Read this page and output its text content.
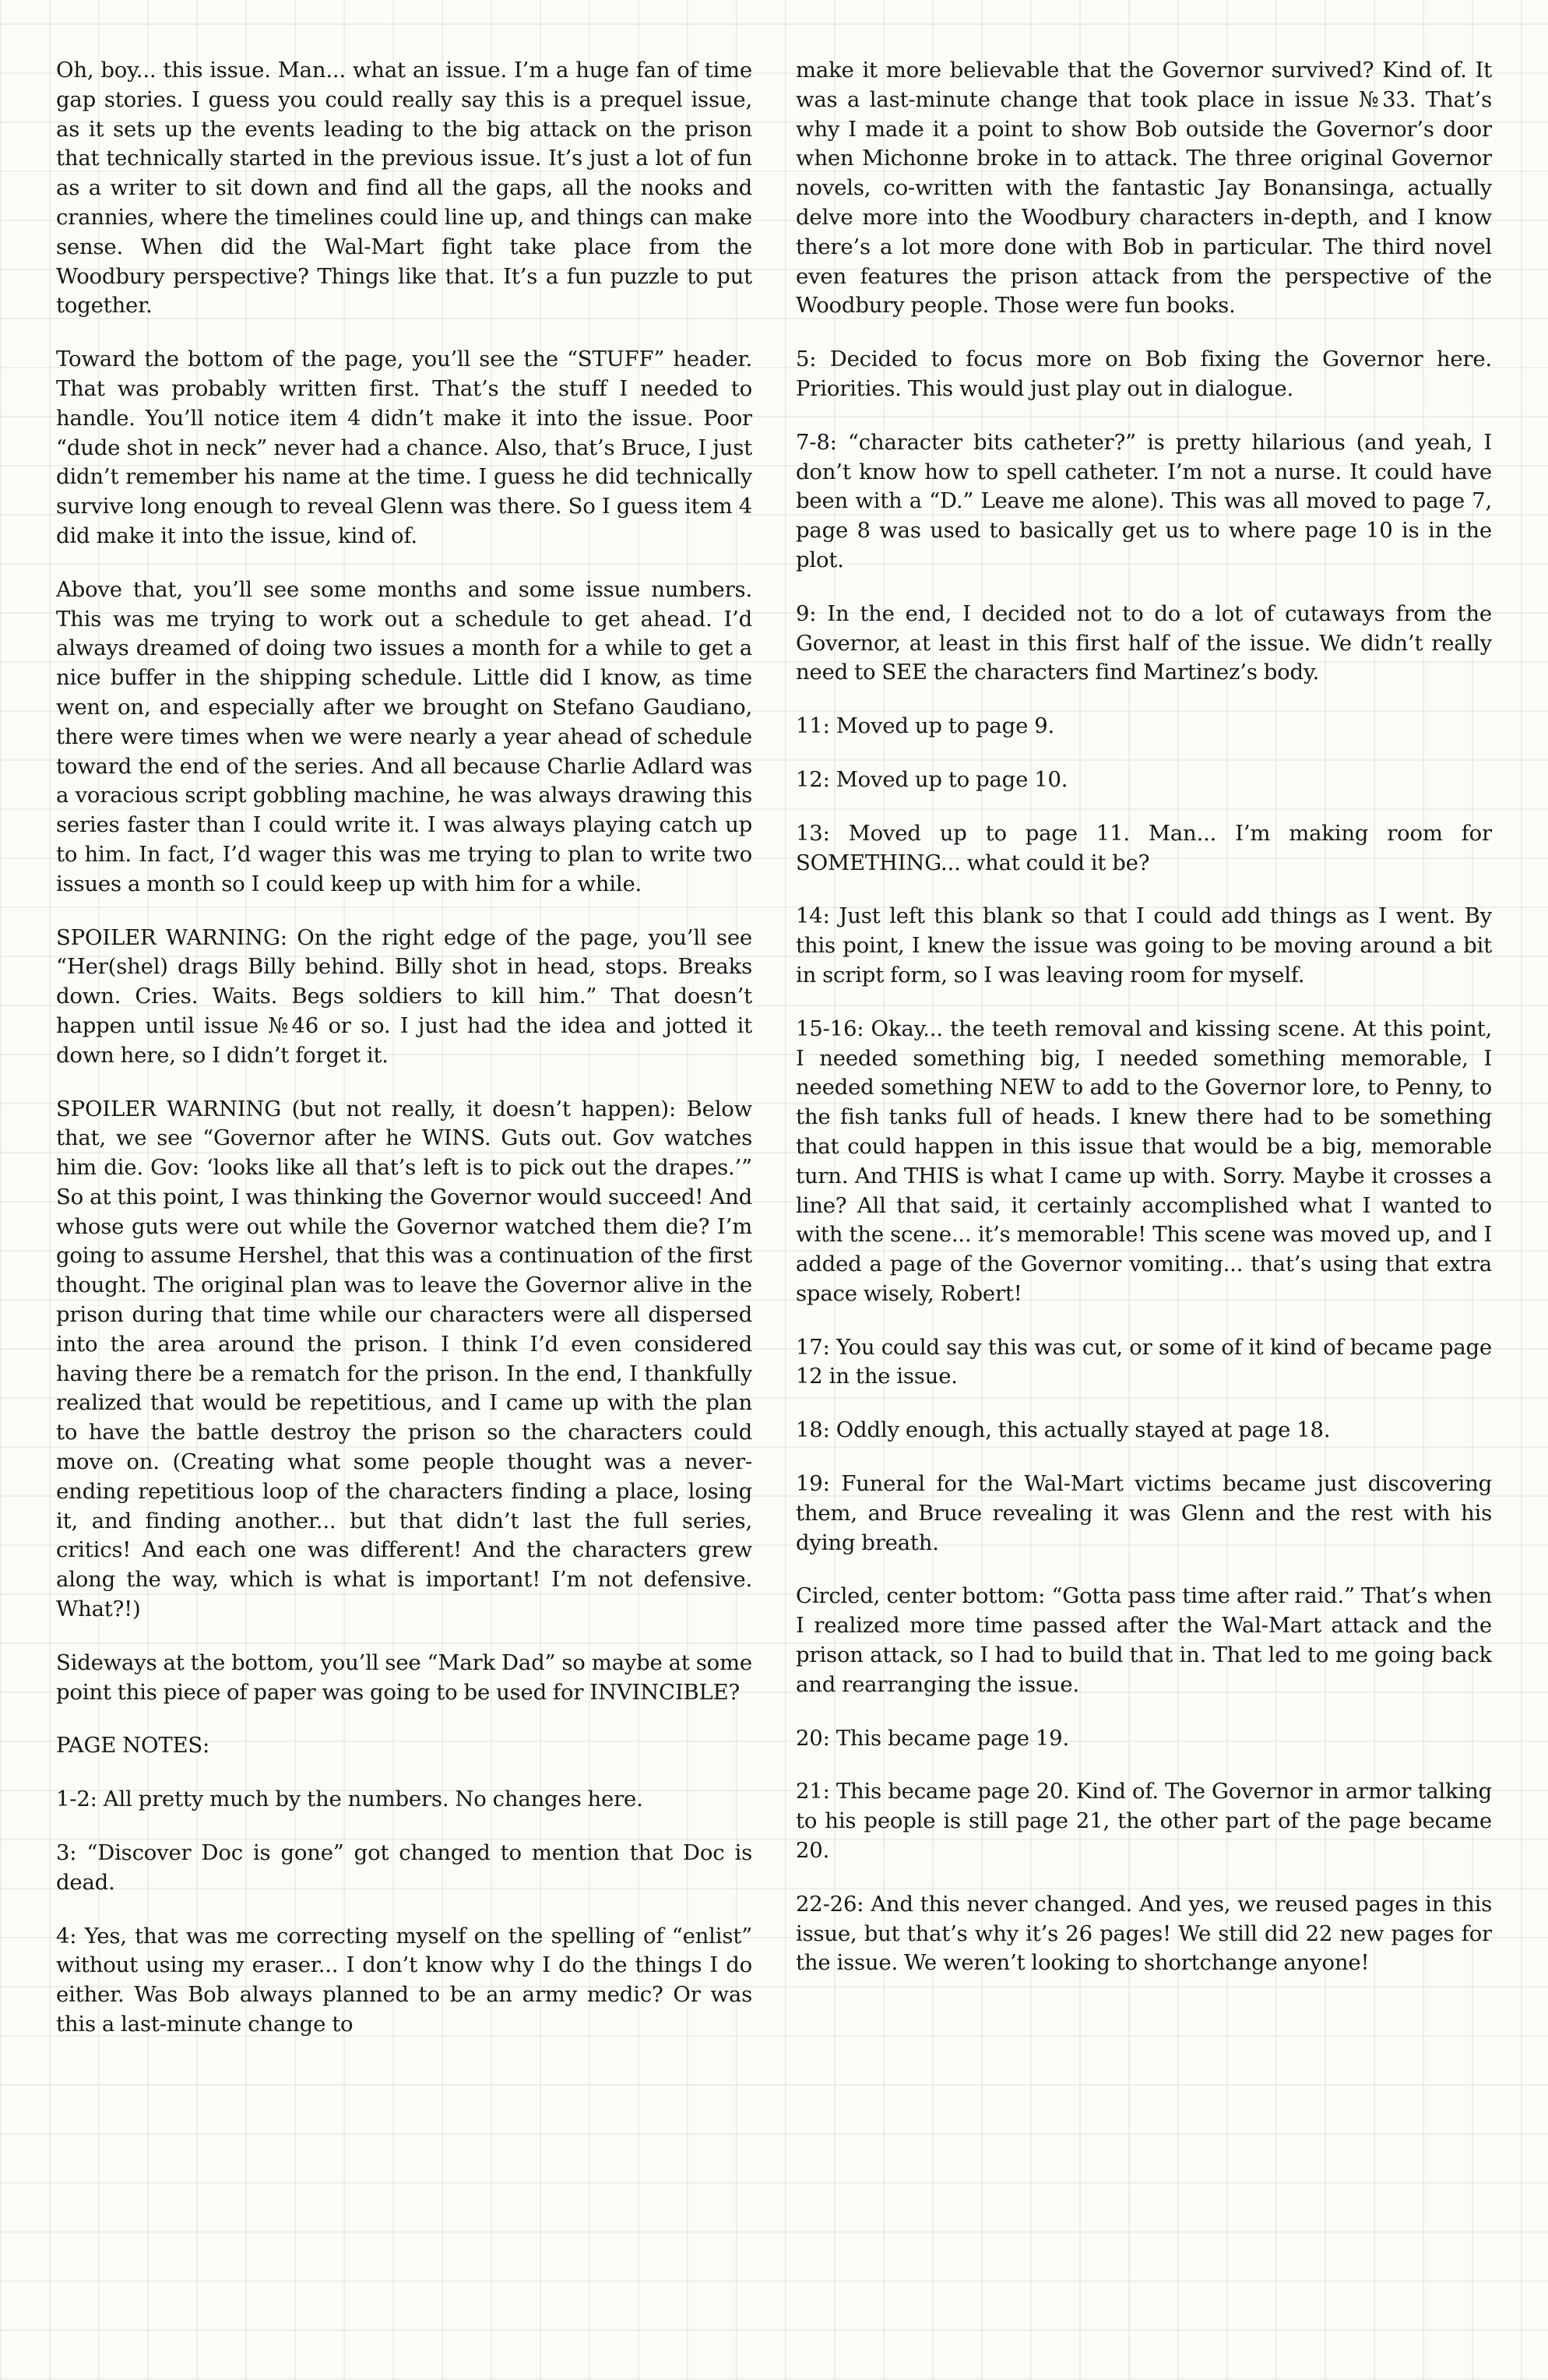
Oh, boy... this issue. Man... what an issue. I’m a huge fan of time gap stories. I guess you could really say this is a prequel issue, as it sets up the events leading to the big attack on the prison that technically started in the previous issue. It’s just a lot of fun as a writer to sit down and find all the gaps, all the nooks and crannies, where the timelines could line up, and things can make sense. When did the Wal-Mart fight take place from the Woodbury perspective? Things like that. It’s a fun puzzle to put together.

Toward the bottom of the page, you’ll see the “STUFF” header. That was probably written first. That’s the stuff I needed to handle. You’ll notice item 4 didn’t make it into the issue. Poor “dude shot in neck” never had a chance. Also, that’s Bruce, I just didn’t remember his name at the time. I guess he did technically survive long enough to reveal Glenn was there. So I guess item 4 did make it into the issue, kind of.

Above that, you’ll see some months and some issue numbers. This was me trying to work out a schedule to get ahead. I’d always dreamed of doing two issues a month for a while to get a nice buffer in the shipping schedule. Little did I know, as time went on, and especially after we brought on Stefano Gaudiano, there were times when we were nearly a year ahead of schedule toward the end of the series. And all because Charlie Adlard was a voracious script gobbling machine, he was always drawing this series faster than I could write it. I was always playing catch up to him. In fact, I’d wager this was me trying to plan to write two issues a month so I could keep up with him for a while.

SPOILER WARNING: On the right edge of the page, you’ll see “Her(shel) drags Billy behind. Billy shot in head, stops. Breaks down. Cries. Waits. Begs soldiers to kill him.” That doesn’t happen until issue №46 or so. I just had the idea and jotted it down here, so I didn’t forget it.

SPOILER WARNING (but not really, it doesn’t happen): Below that, we see “Governor after he WINS. Guts out. Gov watches him die. Gov: ‘looks like all that’s left is to pick out the drapes.’” So at this point, I was thinking the Governor would succeed! And whose guts were out while the Governor watched them die? I’m going to assume Hershel, that this was a continuation of the first thought. The original plan was to leave the Governor alive in the prison during that time while our characters were all dispersed into the area around the prison. I think I’d even considered having there be a rematch for the prison. In the end, I thankfully realized that would be repetitious, and I came up with the plan to have the battle destroy the prison so the characters could move on. (Creating what some people thought was a never-ending repetitious loop of the characters finding a place, losing it, and finding another... but that didn’t last the full series, critics! And each one was different! And the characters grew along the way, which is what is important! I’m not defensive. What?!)

Sideways at the bottom, you’ll see “Mark Dad” so maybe at some point this piece of paper was going to be used for INVINCIBLE?

PAGE NOTES:

1-2: All pretty much by the numbers. No changes here.

3: “Discover Doc is gone” got changed to mention that Doc is dead.

4: Yes, that was me correcting myself on the spelling of “enlist” without using my eraser... I don’t know why I do the things I do either. Was Bob always planned to be an army medic? Or was this a last-minute change to

make it more believable that the Governor survived? Kind of. It was a last-minute change that took place in issue №33. That’s why I made it a point to show Bob outside the Governor’s door when Michonne broke in to attack. The three original Governor novels, co-written with the fantastic Jay Bonansinga, actually delve more into the Woodbury characters in-depth, and I know there’s a lot more done with Bob in particular. The third novel even features the prison attack from the perspective of the Woodbury people. Those were fun books.

5: Decided to focus more on Bob fixing the Governor here. Priorities. This would just play out in dialogue.

7-8: “character bits catheter?” is pretty hilarious (and yeah, I don’t know how to spell catheter. I’m not a nurse. It could have been with a “D.” Leave me alone). This was all moved to page 7, page 8 was used to basically get us to where page 10 is in the plot.

9: In the end, I decided not to do a lot of cutaways from the Governor, at least in this first half of the issue. We didn’t really need to SEE the characters find Martinez’s body.

11: Moved up to page 9.

12: Moved up to page 10.

13: Moved up to page 11. Man... I’m making room for SOMETHING... what could it be?

14: Just left this blank so that I could add things as I went. By this point, I knew the issue was going to be moving around a bit in script form, so I was leaving room for myself.

15-16: Okay... the teeth removal and kissing scene. At this point, I needed something big, I needed something memorable, I needed something NEW to add to the Governor lore, to Penny, to the fish tanks full of heads. I knew there had to be something that could happen in this issue that would be a big, memorable turn. And THIS is what I came up with. Sorry. Maybe it crosses a line? All that said, it certainly accomplished what I wanted to with the scene... it’s memorable! This scene was moved up, and I added a page of the Governor vomiting... that’s using that extra space wisely, Robert!

17: You could say this was cut, or some of it kind of became page 12 in the issue.

18: Oddly enough, this actually stayed at page 18.

19: Funeral for the Wal-Mart victims became just discovering them, and Bruce revealing it was Glenn and the rest with his dying breath.

Circled, center bottom: “Gotta pass time after raid.” That’s when I realized more time passed after the Wal-Mart attack and the prison attack, so I had to build that in. That led to me going back and rearranging the issue.

20: This became page 19.

21: This became page 20. Kind of. The Governor in armor talking to his people is still page 21, the other part of the page became 20.

22-26: And this never changed. And yes, we reused pages in this issue, but that’s why it’s 26 pages! We still did 22 new pages for the issue. We weren’t looking to shortchange anyone!
